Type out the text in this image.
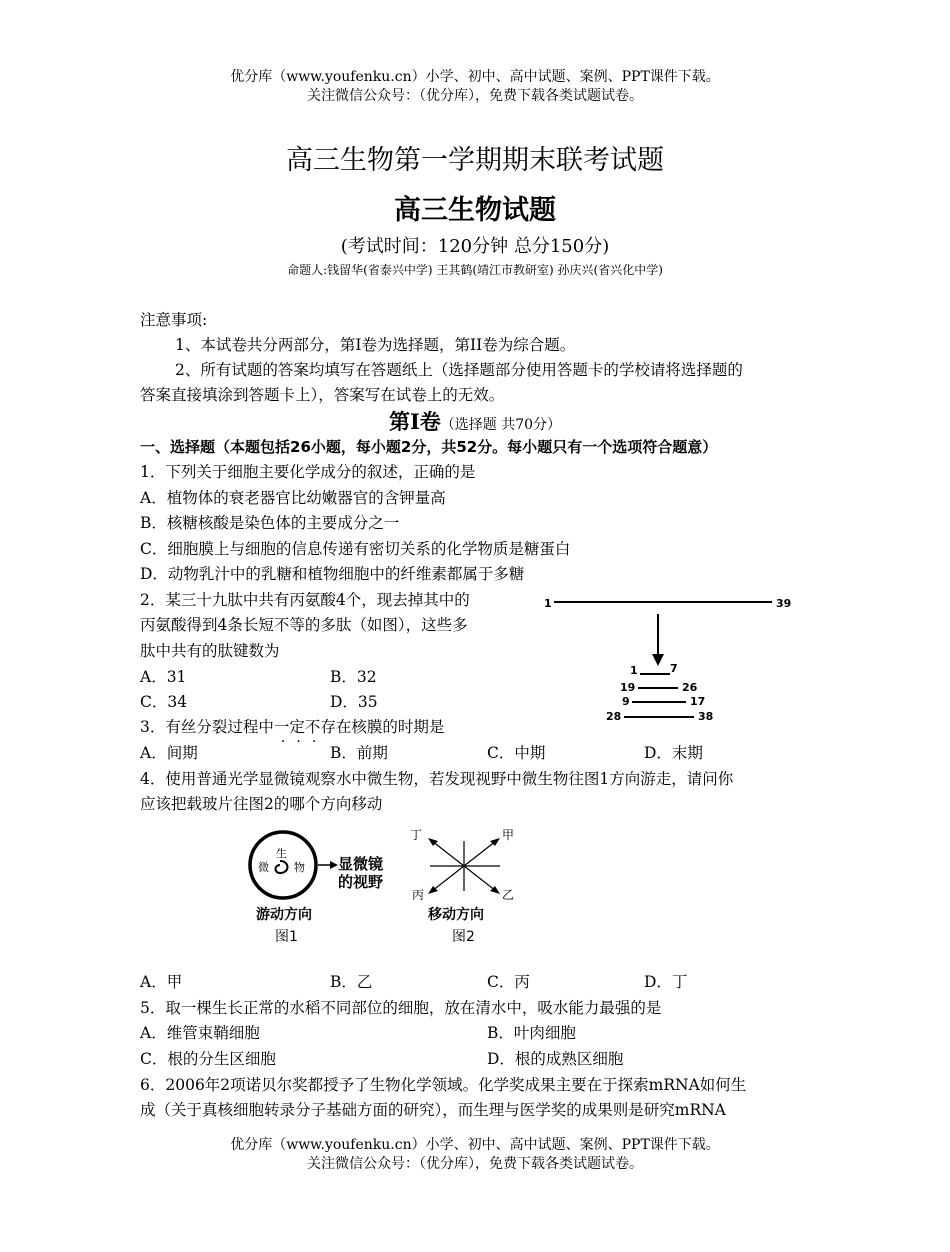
优分库（www.youfenku.cn）小学、初中、高中试题、案例、PPT课件下载。
关注微信公众号：（优分库），免费下载各类试题试卷。
高三生物第一学期期末联考试题
高三生物试题
(考试时间：120分钟 总分150分)
命题人:钱留华(省泰兴中学) 王其鹤(靖江市教研室) 孙庆兴(省兴化中学)
注意事项:
1、本试卷共分两部分，第I卷为选择题，第II卷为综合题。
2、所有试题的答案均填写在答题纸上（选择题部分使用答题卡的学校请将选择题的
答案直接填涂到答题卡上），答案写在试卷上的无效。
第Ⅰ卷（选择题 共70分）
一、选择题（本题包括26小题，每小题2分，共52分。每小题只有一个选项符合题意）
1．下列关于细胞主要化学成分的叙述，正确的是
A．植物体的衰老器官比幼嫩器官的含钾量高
B．核糖核酸是染色体的主要成分之一
C．细胞膜上与细胞的信息传递有密切关系的化学物质是糖蛋白
D．动物乳汁中的乳糖和植物细胞中的纤维素都属于多糖
2．某三十九肽中共有丙氨酸4个，现去掉其中的
丙氨酸得到4条长短不等的多肽（如图），这些多
肽中共有的肽键数为
A．31	B．32
C．34	D．35
1	39
1	7
19	26
9	17
28	38
3．有丝分裂过程中一定不存在核膜的时期是
A．间期	B．前期	C．中期	D．末期
4．使用普通光学显微镜观察水中微生物，若发现视野中微生物往图1方向游走，请问你
应该把载玻片往图2的哪个方向移动
微
生
物 显微镜
的视野
游动方向
图1
丁	甲
丙	乙
移动方向
图2
A．甲	B．乙	C．丙	D．丁
5．取一棵生长正常的水稻不同部位的细胞，放在清水中，吸水能力最强的是
A．维管束鞘细胞	B．叶肉细胞
C．根的分生区细胞	D．根的成熟区细胞
6．2006年2项诺贝尔奖都授予了生物化学领域。化学奖成果主要在于探索mRNA如何生
成（关于真核细胞转录分子基础方面的研究），而生理与医学奖的成果则是研究mRNA
优分库（www.youfenku.cn）小学、初中、高中试题、案例、PPT课件下载。
关注微信公众号：（优分库），免费下载各类试题试卷。
